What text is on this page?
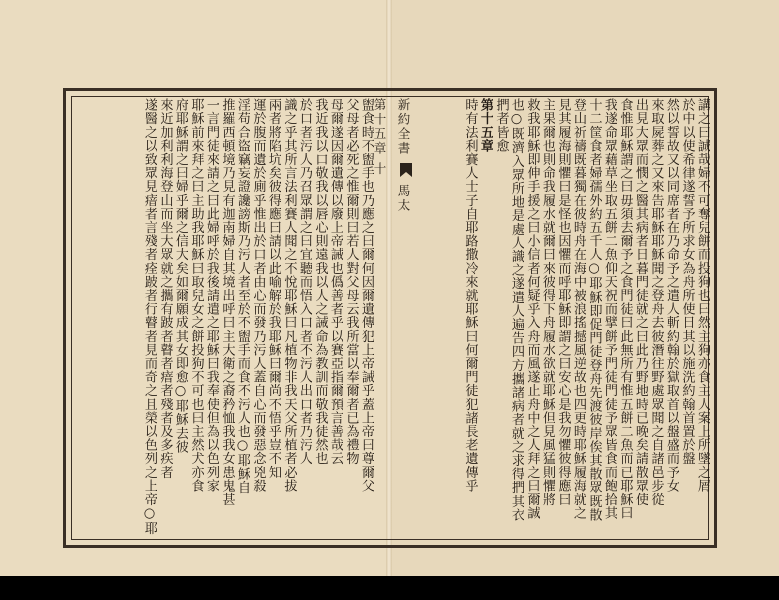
講之曰誠哉婦不可奪兒餅而投狗也曰然主狗亦食主人案上所墜之屑
於中以使希律遂誓予所求女為舟所使日其以施洗約翰首置於盤
然以誓故又以同席者在乃命予之遣人斬約翰於獄取首以盤盛而予女
來取屍葬之又來告耶穌耶穌聞之登舟去彼潛往野處眾聞之自諸邑步從
出見大眾而憫之醫其病者日暮門徒就之曰此乃野地時已晚矣請散眾使
食惟耶穌謂之曰毋須去爾予之食門徒曰此無所有惟五餅二魚而已耶穌曰
我遂命眾藉草坐取五餅二魚仰天祝而擘餅予門徒門徒予眾皆食而飽拾其
十二筐食者婦孺外約五千人○耶穌即促門徒登舟先渡彼岸俟其散眾既散
登山祈禱既暮獨在彼時舟在海中被浪搖撼風逆故也四更時耶穌履海就之
見其履海則懼曰是怪也因懼而呼耶穌即謂之曰安心是我勿懼彼得應曰
主果爾也則命我履水就爾曰來彼得下舟履水欲就耶穌但見風猛則懼將
救我耶穌即伸手援之曰小信者何疑乎入舟而風遂止舟中之人拜之曰爾誠
也○既濟入眾所地是處人識之遂遣人遍告四方攜諸病者就之求得捫其衣
捫者皆愈
第十五章
時有法利賽人士子自耶路撒冷來就耶穌曰何爾門徒犯諸長老遺傳乎
新約全書  馬太
第十五章 十
盥食時不盥手也乃應之曰爾何因爾遺傳犯上帝誡乎蓋上帝曰尊爾父
父母者必死之惟爾則曰若人對父母云我所當以奉爾者已為禮物
母爾遂因爾遺傳以廢上帝誡也僞善者乎以賽亞指爾預言善哉云
我近我以口敬我以唇心則遠我以人之誡命為教訓而敬我徒然也
於口者污人乃召眾謂之曰宜聽而悟入口者不污人出口者乃污人
識之乎其所言法利賽人聞之不悅耶穌曰凡植物非我天父所植者必拔
兩者將陷坑矣彼得應曰請以此喻解於我耶穌曰爾尚不悟乎豈不知
運於腹而遺於廁乎惟出於口者由心而發乃污人蓋自心而發惡念兇殺
淫苟合盜竊妄證讒謗斯乃污人者至於不盥手而食不污人也○耶穌自
推羅西頓境乃見有迦南婦自其境出呼曰主大衛之裔矜恤我我女患鬼甚
一言門徒來請之曰此婦呼於我後請遣之耶穌曰我奉使但為以色列家
耶穌前來拜之曰主助我耶穌曰取兒女之餅投狗不可也曰主然犬亦食
府耶穌謂之曰婦乎爾之信大矣如爾願成其女即愈○耶穌去彼
來近加利利海登山而坐大眾就之攜有跛者瞽者瘖者殘者及多疾者
遂醫之以致眾見瘖者言殘者痊跛者行瞽者見而奇之且榮以色列之上帝○耶
